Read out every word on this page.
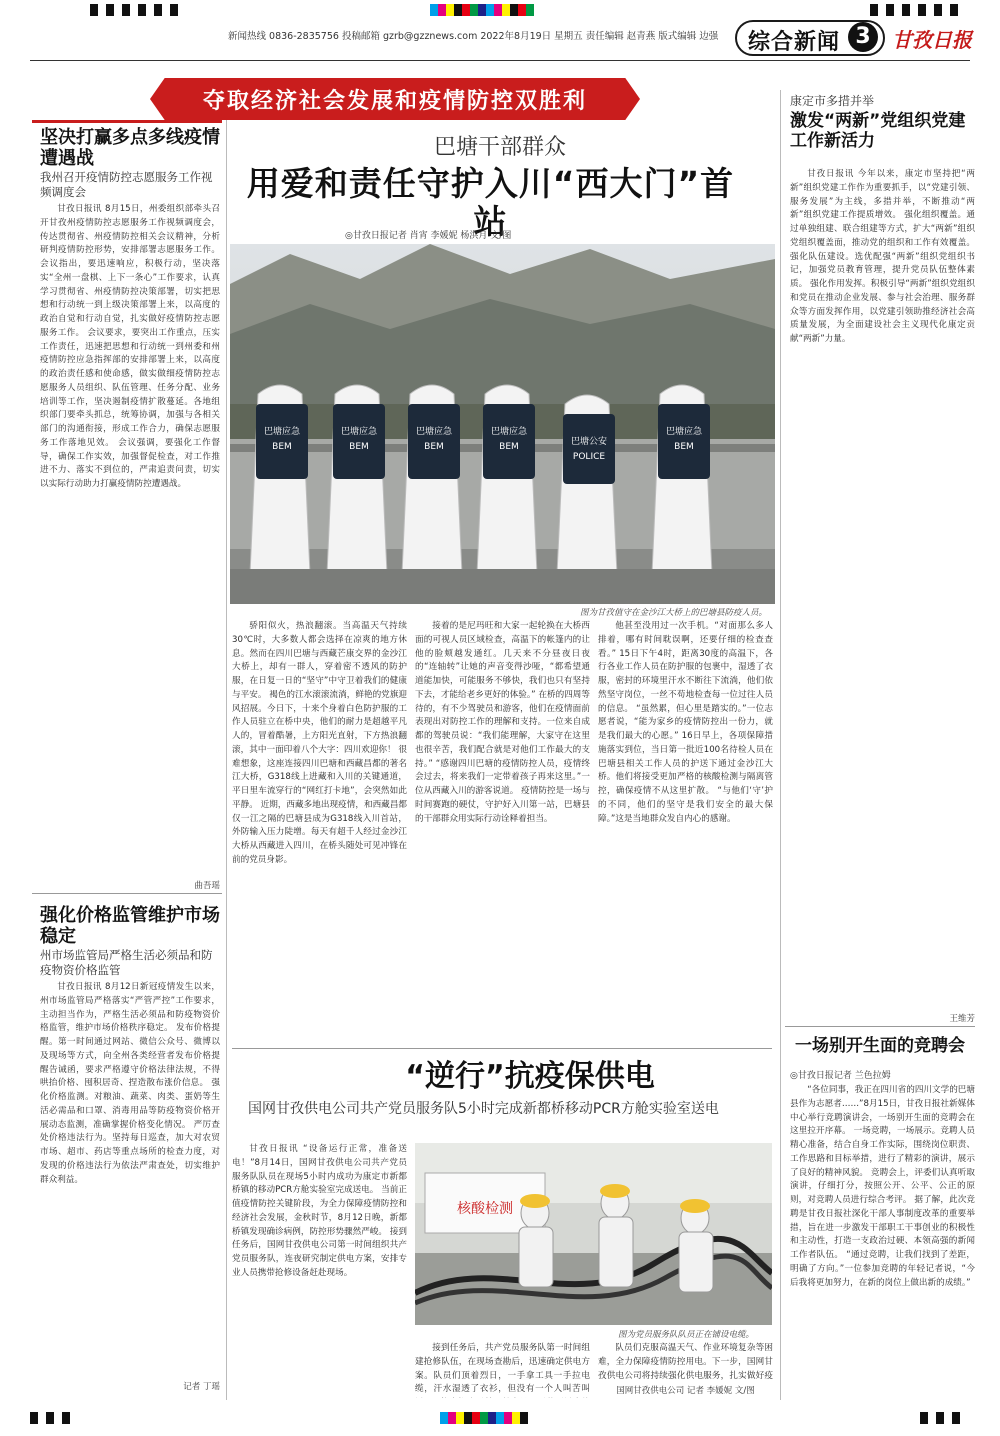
新闻热线 0836-2835756 投稿邮箱 gzrb@gzznews.com 2022年8月19日 星期五 责任编辑 赵青燕 版式编辑 边强	综合新闻 3	甘孜日报
夺取经济社会发展和疫情防控双胜利
坚决打赢多点多线疫情遭遇战
我州召开疫情防控志愿服务工作视频调度会
甘孜日报讯 8月15日，州委组织部牵头召开甘孜州疫情防控志愿服务工作视频调度会，传达贯彻省、州疫情防控相关会议精神，分析研判疫情防控形势，安排部署志愿服务工作。 会议指出，要迅速响应，积极行动，坚决落实“全州一盘棋、上下一条心”工作要求，认真学习贯彻省、州疫情防控决策部署，切实把思想和行动统一到上级决策部署上来，以高度的政治自觉和行动自觉，扎实做好疫情防控志愿服务工作。 会议要求，要突出工作重点，压实工作责任，迅速把思想和行动统一到州委和州疫情防控应急指挥部的安排部署上来，以高度的政治责任感和使命感，做实做细疫情防控志愿服务人员组织、队伍管理、任务分配、业务培训等工作，坚决遏制疫情扩散蔓延。各地组织部门要牵头抓总，统筹协调，加强与各相关部门的沟通衔接，形成工作合力，确保志愿服务工作落地见效。 会议强调，要强化工作督导，确保工作实效，加强督促检查，对工作推进不力、落实不到位的，严肃追责问责，切实以实际行动助力打赢疫情防控遭遇战。
曲吾瑶
强化价格监管维护市场稳定
州市场监管局严格生活必须品和防疫物资价格监管
甘孜日报讯 8月12日新冠疫情发生以来，州市场监管局严格落实“严管严控”工作要求，主动担当作为，严格生活必须品和防疫物资价格监管，维护市场价格秩序稳定。 发布价格提醒。第一时间通过网站、微信公众号、微博以及现场等方式，向全州各类经营者发布价格提醒告诫函，要求严格遵守价格法律法规，不得哄抬价格、囤积居奇、捏造散布涨价信息。 强化价格监测。对粮油、蔬菜、肉类、蛋奶等生活必需品和口罩、消毒用品等防疫物资价格开展动态监测，准确掌握价格变化情况。 严厉查处价格违法行为。坚持每日巡查，加大对农贸市场、超市、药店等重点场所的检查力度，对发现的价格违法行为依法严肃查处，切实维护群众利益。
记者 丁瑶
巴塘干部群众
用爱和责任守护入川“西大门”首站
◎甘孜日报记者 肖宵 李媛妮 杨洪月 文/图
巴塘应急
BEM
巴塘应急
BEM
巴塘应急
BEM
巴塘应急
BEM	巴塘公安
POLICE
巴塘应急
BEM
图为甘孜值守在金沙江大桥上的巴塘县防疫人员。
骄阳似火，热浪翻滚。当高温天气持续30℃时，大多数人都会选择在凉爽的地方休息。然而在四川巴塘与西藏芒康交界的金沙江大桥上，却有一群人，穿着密不透风的防护服，在日复一日的“坚守”中守卫着我们的健康与平安。 褐色的江水滚滚流淌，鲜艳的党旗迎风招展。今日下，十来个身着白色防护服的工作人员驻立在桥中央，他们的耐力是超越平凡人的，冒着酷暑，上方阳光直射，下方热浪翻滚，其中一面印着八个大字：四川欢迎你！ 很难想象，这座连接四川巴塘和西藏昌都的著名江大桥，G318线上进藏和入川的关键通道，平日里车流穿行的“网红打卡地”，会突然如此平静。 近期，西藏多地出现疫情，和西藏昌都仅一江之隔的巴塘县成为G318线入川首站，外防输入压力陡增。每天有超千人经过金沙江大桥从西藏进入四川，在桥头随处可见冲锋在前的党员身影。
接着的是尼玛旺和大家一起轮换在大桥西面的可视人员区域检查，高温下的帐篷内的让他的脸颊越发通红。几天来不分昼夜日夜的“连轴转”让她的声音变得沙哑，“都希望通道能加快，可能服务不够快，我们也只有坚持下去，才能给老乡更好的体验。” 在桥的四周等待的，有不少驾驶员和游客，他们在疫情面前表现出对防控工作的理解和支持。一位来自成都的驾驶员说：“我们能理解，大家守在这里也很辛苦，我们配合就是对他们工作最大的支持。” “感谢四川巴塘的疫情防控人员，疫情终会过去，将来我们一定带着孩子再来这里。”一位从西藏入川的游客说道。 疫情防控是一场与时间赛跑的硬仗，守护好入川第一站，巴塘县的干部群众用实际行动诠释着担当。
他甚至没用过一次手机。“对面那么多人排着，哪有时间耽误啊，还要仔细的检查查看。” 15日下午4时，距离30度的高温下，各行各业工作人员在防护服的包裹中，湿透了衣服，密封的环境里汗水不断往下流淌，他们依然坚守岗位，一丝不苟地检查每一位过往人员的信息。 “虽然累，但心里是踏实的。”一位志愿者说，“能为家乡的疫情防控出一份力，就是我们最大的心愿。” 16日早上，各项保障措施落实到位，当日第一批近100名待检人员在巴塘县相关工作人员的护送下通过金沙江大桥。他们将接受更加严格的核酸检测与隔离管控，确保疫情不从这里扩散。 “与他们‘守’护的不同，他们的坚守是我们安全的最大保障。”这是当地群众发自内心的感谢。
“逆行”抗疫保供电
国网甘孜供电公司共产党员服务队5小时完成新都桥移动PCR方舱实验室送电
甘孜日报讯 “设备运行正常，准备送电！”8月14日，国网甘孜供电公司共产党员服务队队员在现场5小时内成功为康定市新都桥镇的移动PCR方舱实验室完成送电。 当前正值疫情防控关键阶段，为全力保障疫情防控和经济社会发展，金秋时节，8月12日晚，新都桥镇发现确诊病例，防控形势骤然严峻。 接到任务后，国网甘孜供电公司第一时间组织共产党员服务队，连夜研究制定供电方案，安排专业人员携带抢修设备赶赴现场。
核酸检测
图为党员服务队队员正在铺设电缆。
接到任务后，共产党员服务队第一时间组建抢修队伍，在现场查勘后，迅速确定供电方案。队员们顶着烈日，一手拿工具一手拉电缆，汗水湿透了衣衫，但没有一个人叫苦叫
队员们克服高温天气、作业环境复杂等困难，全力保障疫情防控用电。下一步，国网甘孜供电公司将持续强化供电服务，扎实做好疫
国网甘孜供电公司 记者 李媛妮 文/图
康定市多措并举
激发“两新”党组织党建工作新活力
甘孜日报讯 今年以来，康定市坚持把“两新”组织党建工作作为重要抓手，以“党建引领、服务发展”为主线，多措并举，不断推动“两新”组织党建工作提质增效。 强化组织覆盖。通过单独组建、联合组建等方式，扩大“两新”组织党组织覆盖面，推动党的组织和工作有效覆盖。 强化队伍建设。选优配强“两新”组织党组织书记，加强党员教育管理，提升党员队伍整体素质。 强化作用发挥。积极引导“两新”组织党组织和党员在推动企业发展、参与社会治理、服务群众等方面发挥作用，以党建引领助推经济社会高质量发展，为全面建设社会主义现代化康定贡献“两新”力量。
王维芳
一场别开生面的竞聘会
◎甘孜日报记者 兰色拉姆
“各位同事，我正在四川省的四川文学的巴塘县作为志愿者……”8月15日，甘孜日报社新媒体中心举行竞聘演讲会，一场别开生面的竞聘会在这里拉开序幕。 一场竞聘，一场展示。竞聘人员精心准备，结合自身工作实际，围绕岗位职责、工作思路和目标举措，进行了精彩的演讲，展示了良好的精神风貌。 竞聘会上，评委们认真听取演讲，仔细打分，按照公开、公平、公正的原则，对竞聘人员进行综合考评。 据了解，此次竞聘是甘孜日报社深化干部人事制度改革的重要举措，旨在进一步激发干部职工干事创业的积极性和主动性，打造一支政治过硬、本领高强的新闻工作者队伍。 “通过竞聘，让我们找到了差距，明确了方向。”一位参加竞聘的年轻记者说，“今后我将更加努力，在新的岗位上做出新的成绩。”
